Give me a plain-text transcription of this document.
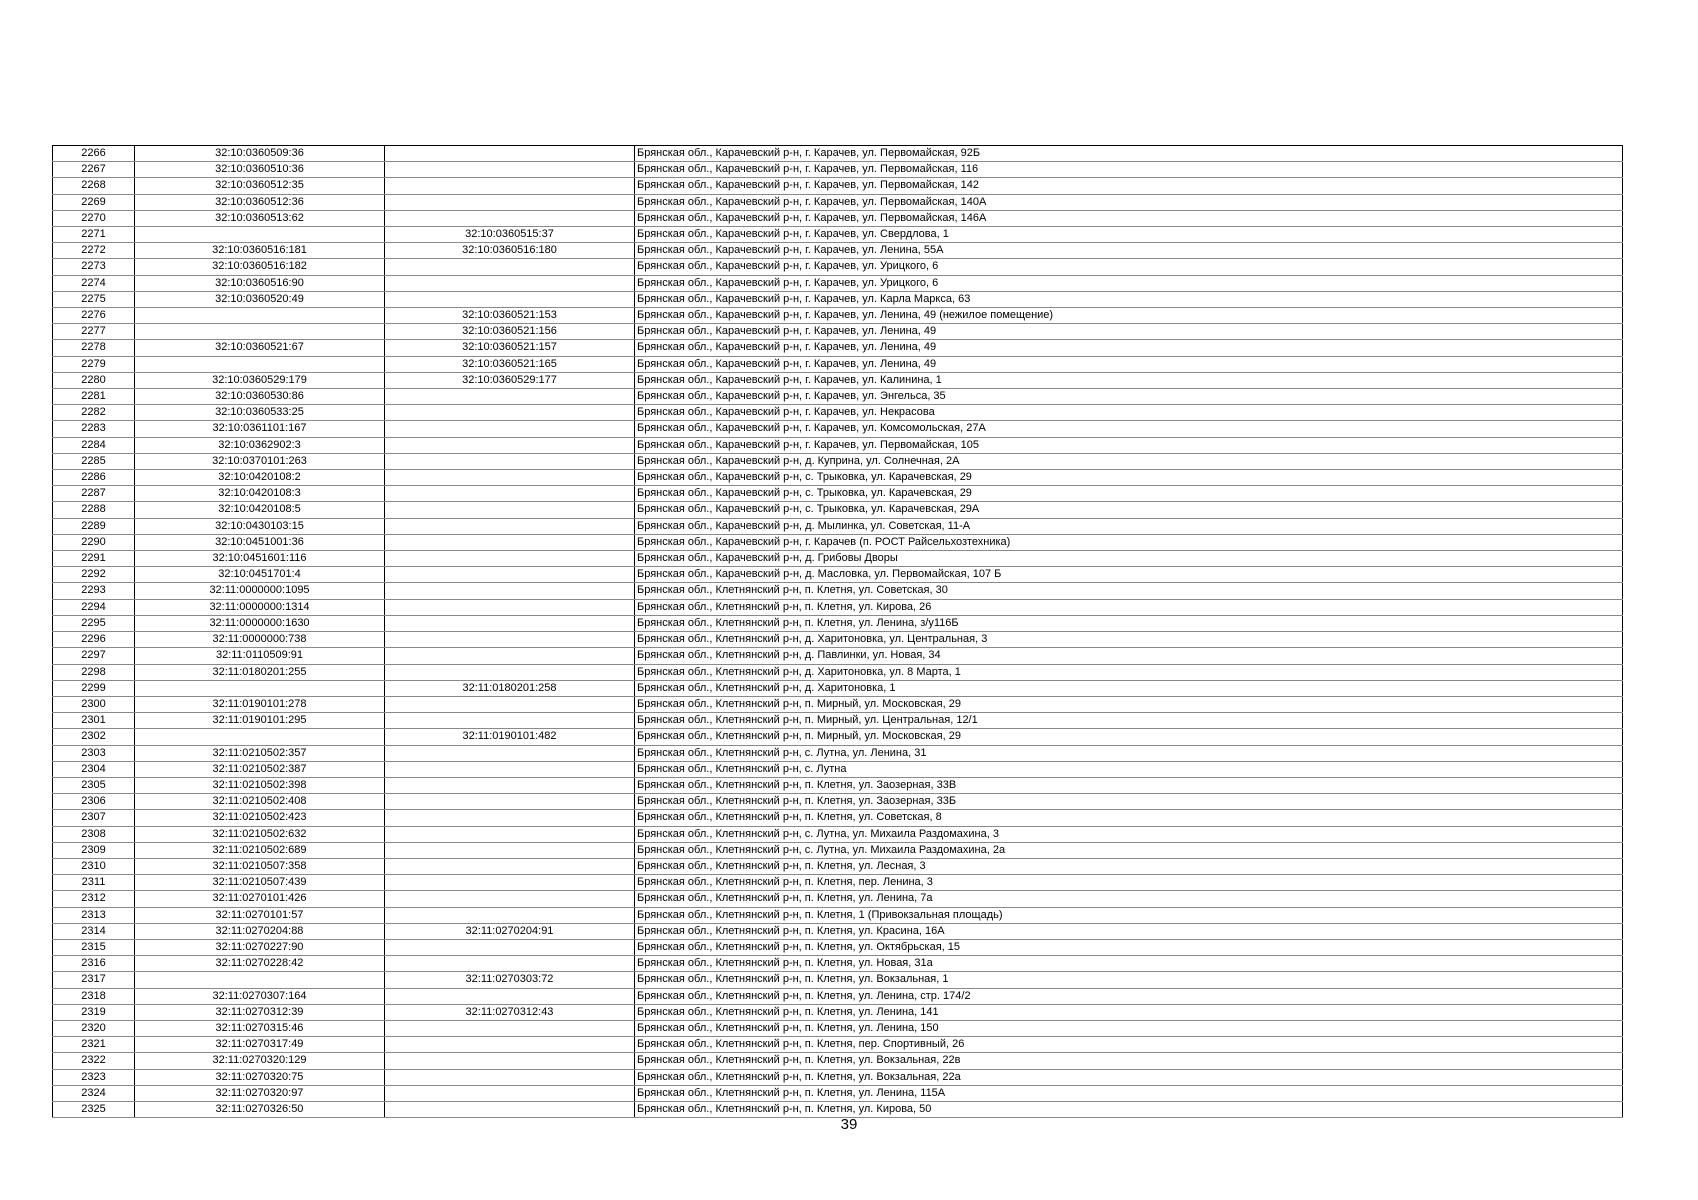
2266	32:10:0360509:36		Брянская обл., Карачевский р-н, г. Карачев, ул. Первомайская, 92Б
2267	32:10:0360510:36		Брянская обл., Карачевский р-н, г. Карачев, ул. Первомайская, 116
2268	32:10:0360512:35		Брянская обл., Карачевский р-н, г. Карачев, ул. Первомайская, 142
2269	32:10:0360512:36		Брянская обл., Карачевский р-н, г. Карачев, ул. Первомайская, 140А
2270	32:10:0360513:62		Брянская обл., Карачевский р-н, г. Карачев, ул. Первомайская, 146А
2271		32:10:0360515:37	Брянская обл., Карачевский р-н, г. Карачев, ул. Свердлова, 1
2272	32:10:0360516:181	32:10:0360516:180	Брянская обл., Карачевский р-н, г. Карачев, ул. Ленина, 55А
2273	32:10:0360516:182		Брянская обл., Карачевский р-н, г. Карачев, ул. Урицкого, 6
2274	32:10:0360516:90		Брянская обл., Карачевский р-н, г. Карачев, ул. Урицкого, 6
2275	32:10:0360520:49		Брянская обл., Карачевский р-н, г. Карачев, ул. Карла Маркса, 63
2276		32:10:0360521:153	Брянская обл., Карачевский р-н, г. Карачев, ул. Ленина, 49 (нежилое помещение)
2277		32:10:0360521:156	Брянская обл., Карачевский р-н, г. Карачев, ул. Ленина, 49
2278	32:10:0360521:67	32:10:0360521:157	Брянская обл., Карачевский р-н, г. Карачев, ул. Ленина, 49
2279		32:10:0360521:165	Брянская обл., Карачевский р-н, г. Карачев, ул. Ленина, 49
2280	32:10:0360529:179	32:10:0360529:177	Брянская обл., Карачевский р-н, г. Карачев, ул. Калинина, 1
2281	32:10:0360530:86		Брянская обл., Карачевский р-н, г. Карачев, ул. Энгельса, 35
2282	32:10:0360533:25		Брянская обл., Карачевский р-н, г. Карачев, ул. Некрасова
2283	32:10:0361101:167		Брянская обл., Карачевский р-н, г. Карачев, ул. Комсомольская, 27А
2284	32:10:0362902:3		Брянская обл., Карачевский р-н, г. Карачев, ул. Первомайская, 105
2285	32:10:0370101:263		Брянская обл., Карачевский р-н, д. Куприна, ул. Солнечная, 2А
2286	32:10:0420108:2		Брянская обл., Карачевский р-н, с. Трыковка, ул. Карачевская, 29
2287	32:10:0420108:3		Брянская обл., Карачевский р-н, с. Трыковка, ул. Карачевская, 29
2288	32:10:0420108:5		Брянская обл., Карачевский р-н, с. Трыковка, ул. Карачевская, 29А
2289	32:10:0430103:15		Брянская обл., Карачевский р-н, д. Мылинка, ул. Советская, 11-А
2290	32:10:0451001:36		Брянская обл., Карачевский р-н, г. Карачев (п. РОСТ Райсельхозтехника)
2291	32:10:0451601:116		Брянская обл., Карачевский р-н, д. Грибовы Дворы
2292	32:10:0451701:4		Брянская обл., Карачевский р-н, д. Масловка, ул. Первомайская, 107 Б
2293	32:11:0000000:1095		Брянская обл., Клетнянский р-н, п. Клетня, ул. Советская, 30
2294	32:11:0000000:1314		Брянская обл., Клетнянский р-н, п. Клетня, ул. Кирова, 26
2295	32:11:0000000:1630		Брянская обл., Клетнянский р-н, п. Клетня, ул. Ленина, з/у116Б
2296	32:11:0000000:738		Брянская обл., Клетнянский р-н, д. Харитоновка, ул. Центральная, 3
2297	32:11:0110509:91		Брянская обл., Клетнянский р-н, д. Павлинки, ул. Новая, 34
2298	32:11:0180201:255		Брянская обл., Клетнянский р-н, д. Харитоновка, ул. 8 Марта, 1
2299		32:11:0180201:258	Брянская обл., Клетнянский р-н, д. Харитоновка, 1
2300	32:11:0190101:278		Брянская обл., Клетнянский р-н, п. Мирный, ул. Московская, 29
2301	32:11:0190101:295		Брянская обл., Клетнянский р-н, п. Мирный, ул. Центральная, 12/1
2302		32:11:0190101:482	Брянская обл., Клетнянский р-н, п. Мирный, ул. Московская, 29
2303	32:11:0210502:357		Брянская обл., Клетнянский р-н, с. Лутна, ул. Ленина, 31
2304	32:11:0210502:387		Брянская обл., Клетнянский р-н, с. Лутна
2305	32:11:0210502:398		Брянская обл., Клетнянский р-н, п. Клетня, ул. Заозерная, 33В
2306	32:11:0210502:408		Брянская обл., Клетнянский р-н, п. Клетня, ул. Заозерная, 33Б
2307	32:11:0210502:423		Брянская обл., Клетнянский р-н, п. Клетня, ул. Советская, 8
2308	32:11:0210502:632		Брянская обл., Клетнянский р-н, с. Лутна, ул. Михаила Раздомахина, 3
2309	32:11:0210502:689		Брянская обл., Клетнянский р-н, с. Лутна, ул. Михаила Раздомахина, 2а
2310	32:11:0210507:358		Брянская обл., Клетнянский р-н, п. Клетня, ул. Лесная, 3
2311	32:11:0210507:439		Брянская обл., Клетнянский р-н, п. Клетня, пер. Ленина, 3
2312	32:11:0270101:426		Брянская обл., Клетнянский р-н, п. Клетня, ул. Ленина, 7а
2313	32:11:0270101:57		Брянская обл., Клетнянский р-н, п. Клетня, 1 (Привокзальная площадь)
2314	32:11:0270204:88	32:11:0270204:91	Брянская обл., Клетнянский р-н, п. Клетня, ул. Красина, 16А
2315	32:11:0270227:90		Брянская обл., Клетнянский р-н, п. Клетня, ул. Октябрьская, 15
2316	32:11:0270228:42		Брянская обл., Клетнянский р-н, п. Клетня, ул. Новая, 31а
2317		32:11:0270303:72	Брянская обл., Клетнянский р-н, п. Клетня, ул. Вокзальная, 1
2318	32:11:0270307:164		Брянская обл., Клетнянский р-н, п. Клетня, ул. Ленина, стр. 174/2
2319	32:11:0270312:39	32:11:0270312:43	Брянская обл., Клетнянский р-н, п. Клетня, ул. Ленина, 141
2320	32:11:0270315:46		Брянская обл., Клетнянский р-н, п. Клетня, ул. Ленина, 150
2321	32:11:0270317:49		Брянская обл., Клетнянский р-н, п. Клетня, пер. Спортивный, 26
2322	32:11:0270320:129		Брянская обл., Клетнянский р-н, п. Клетня, ул. Вокзальная, 22в
2323	32:11:0270320:75		Брянская обл., Клетнянский р-н, п. Клетня, ул. Вокзальная, 22а
2324	32:11:0270320:97		Брянская обл., Клетнянский р-н, п. Клетня, ул. Ленина, 115А
2325	32:11:0270326:50		Брянская обл., Клетнянский р-н, п. Клетня, ул. Кирова, 50
39
